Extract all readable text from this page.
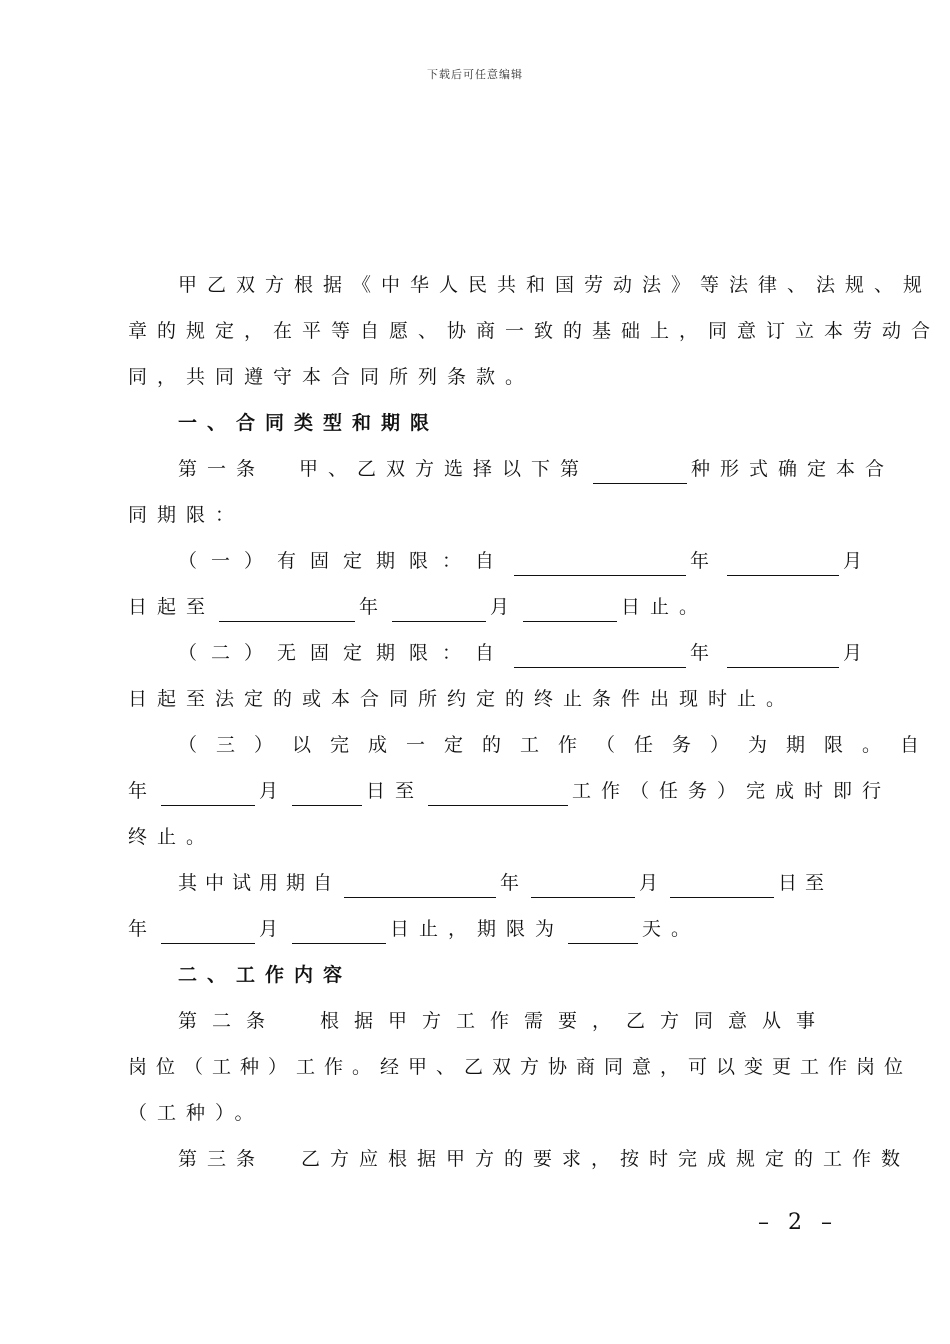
下载后可任意编辑
甲乙双方根据《中华人民共和国劳动法》等法律、法规、规
章的规定，在平等自愿、协商一致的基础上，同意订立本劳动合
同，共同遵守本合同所列条款。
一、合同类型和期限
第一条 甲、乙双方选择以下第	种形式确定本合
同期限：
（一）有固定期限：自	年	月
日起至	年	月	日止。
（二）无固定期限：自	年	月
日起至法定的或本合同所约定的终止条件出现时止。
（三）以完成一定的工作（任务）为期限。自
年	月	日至	工作（任务）完成时即行
终止。
其中试用期自	年	月	日至
年	月	日止，期限为	天。
二、工作内容
第二条 根据甲方工作需要，乙方同意从事
岗位（工种）工作。经甲、乙双方协商同意，可以变更工作岗位
（工种）。
第三条 乙方应根据甲方的要求，按时完成规定的工作数
– 2 –
